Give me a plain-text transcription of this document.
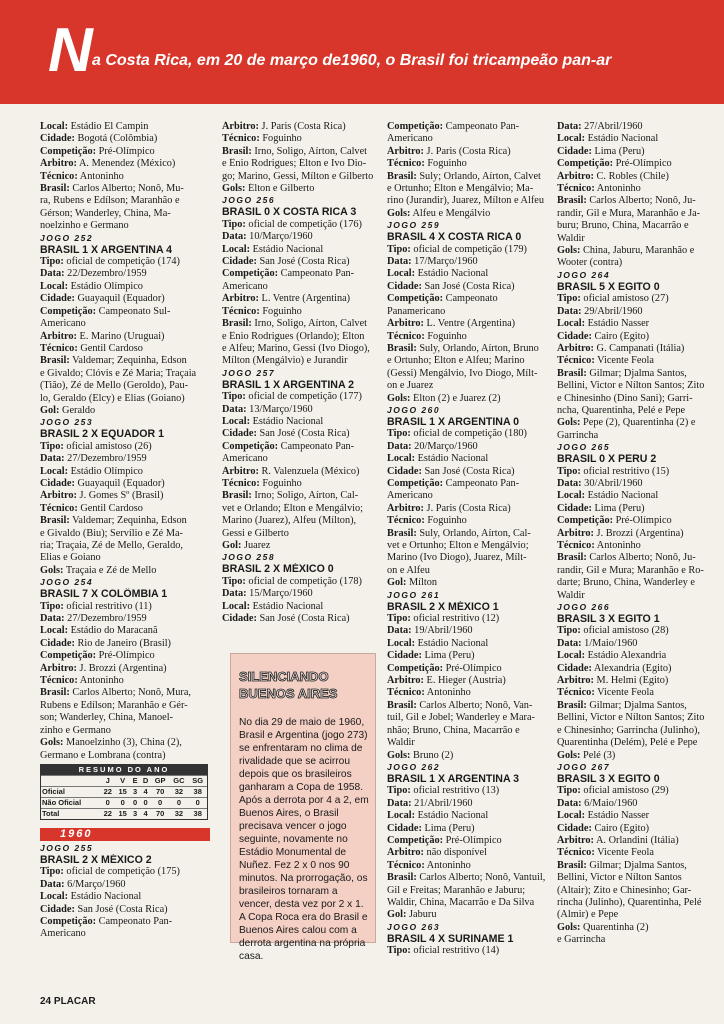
N a Costa Rica, em 20 de março de1960, o Brasil foi tricampeão pan-ar
Local: Estádio El Campin
Cidade: Bogotá (Colômbia)
Competição: Pré-Olímpico
Árbitro: A. Menendez (México)
Técnico: Antoninho
Brasil: Carlos Alberto; Nonô, Mu-
ra, Rubens e Edílson; Maranhão e
Gérson; Wanderley, China, Ma-
noelzinho e Germano
JOGO 252
BRASIL 1 X ARGENTINA 4
Tipo: oficial de competição (174)
Data: 22/Dezembro/1959
Local: Estádio Olímpico
Cidade: Guayaquil (Equador)
Competição: Campeonato Sul-
Americano
Árbitro: E. Marino (Uruguai)
Técnico: Gentil Cardoso
Brasil: Valdemar; Zequinha, Édson
e Givaldo; Clóvis e Zé Maria; Traçaia
(Tião), Zé de Mello (Geroldo), Pau-
lo, Geraldo (Elcy) e Elias (Goiano)
Gol: Geraldo
JOGO 253
BRASIL 2 X EQUADOR 1
Tipo: oficial amistoso (26)
Data: 27/Dezembro/1959
Local: Estádio Olímpico
Cidade: Guayaquil (Equador)
Árbitro: J. Gomes Sº (Brasil)
Técnico: Gentil Cardoso
Brasil: Valdemar; Zequinha, Édson
e Givaldo (Biu); Servílio e Zé Ma-
ria; Traçaia, Zé de Mello, Geraldo,
Elias e Goiano
Gols: Traçaia e Zé de Mello
JOGO 254
BRASIL 7 X COLÔMBIA 1
Tipo: oficial restritivo (11)
Data: 27/Dezembro/1959
Local: Estádio do Maracanã
Cidade: Rio de Janeiro (Brasil)
Competição: Pré-Olímpico
Árbitro: J. Brozzi (Argentina)
Técnico: Antoninho
Brasil: Carlos Alberto; Nonô, Mura,
Rubens e Edílson; Maranhão e Gér-
son; Wanderley, China, Manoel-
zinho e Germano
Gols: Manoelzinho (3), China (2),
Germano e Lombrana (contra)
RESUMO DO ANO
	J	V	E	D	GP	GC	SG
Oficial	22	15	3	4	70	32	38
Não Oficial	0	0	0	0	0	0	0
Total	22	15	3	4	70	32	38
1960
JOGO 255
BRASIL 2 X MÉXICO 2
Tipo: oficial de competição (175)
Data: 6/Março/1960
Local: Estádio Nacional
Cidade: San José (Costa Rica)
Competição: Campeonato Pan-
Americano
Árbitro: J. Paris (Costa Rica)
Técnico: Foguinho
Brasil: Irno, Soligo, Aírton, Calvet
e Ênio Rodrigues; Élton e Ivo Dio-
go; Marino, Gessi, Mílton e Gilberto
Gols: Élton e Gilberto
JOGO 256
BRASIL 0 X COSTA RICA 3
Tipo: oficial de competição (176)
Data: 10/Março/1960
Local: Estádio Nacional
Cidade: San José (Costa Rica)
Competição: Campeonato Pan-
Americano
Árbitro: L. Ventre (Argentina)
Técnico: Foguinho
Brasil: Irno, Soligo, Aírton, Calvet
e Ênio Rodrigues (Orlando); Élton
e Alfeu; Marino, Gessi (Ivo Diogo),
Mílton (Mengálvio) e Jurandir
JOGO 257
BRASIL 1 X ARGENTINA 2
Tipo: oficial de competição (177)
Data: 13/Março/1960
Local: Estádio Nacional
Cidade: San José (Costa Rica)
Competição: Campeonato Pan-
Americano
Árbitro: R. Valenzuela (México)
Técnico: Foguinho
Brasil: Irno; Soligo, Aírton, Cal-
vet e Orlando; Élton e Mengálvio;
Marino (Juarez), Alfeu (Mílton),
Gessi e Gilberto
Gol: Juarez
JOGO 258
BRASIL 2 X MÉXICO 0
Tipo: oficial de competição (178)
Data: 15/Março/1960
Local: Estádio Nacional
Cidade: San José (Costa Rica)
SILENCIANDO BUENOS AIRES
No dia 29 de maio de 1960, Brasil e Argentina (jogo 273) se enfrentaram no clima de rivalidade que se acirrou depois que os brasileiros ganharam a Copa de 1958. Após a derrota por 4 a 2, em Buenos Aires, o Brasil precisava vencer o jogo seguinte, novamente no Estádio Monumental de Nuñez. Fez 2 x 0 nos 90 minutos. Na prorrogação, os brasileiros tornaram a vencer, desta vez por 2 x 1. A Copa Roca era do Brasil e Buenos Aires calou com a derrota argentina na própria casa.
Competição: Campeonato Pan-
Americano
Árbitro: J. Paris (Costa Rica)
Técnico: Foguinho
Brasil: Suly; Orlando, Aírton, Calvet
e Ortunho; Élton e Mengálvio; Ma-
rino (Jurandir), Juarez, Mílton e Alfeu
Gols: Alfeu e Mengálvio
JOGO 259
BRASIL 4 X COSTA RICA 0
Tipo: oficial de competição (179)
Data: 17/Março/1960
Local: Estádio Nacional
Cidade: San José (Costa Rica)
Competição: Campeonato
Panamericano
Árbitro: L. Ventre (Argentina)
Técnico: Foguinho
Brasil: Suly, Orlando, Aírton, Bruno
e Ortunho; Élton e Alfeu; Marino
(Gessi) Mengálvio, Ivo Diogo, Mílt-
on e Juarez
Gols: Élton (2) e Juarez (2)
JOGO 260
BRASIL 1 X ARGENTINA 0
Tipo: oficial de competição (180)
Data: 20/Março/1960
Local: Estádio Nacional
Cidade: San José (Costa Rica)
Competição: Campeonato Pan-
Americano
Árbitro: J. Paris (Costa Rica)
Técnico: Foguinho
Brasil: Suly, Orlando, Aírton, Cal-
vet e Ortunho; Élton e Mengálvio;
Marino (Ivo Diogo), Juarez, Mílt-
on e Alfeu
Gol: Mílton
JOGO 261
BRASIL 2 X MÉXICO 1
Tipo: oficial restritivo (12)
Data: 19/Abril/1960
Local: Estádio Nacional
Cidade: Lima (Peru)
Competição: Pré-Olímpico
Árbitro: E. Hieger (Áustria)
Técnico: Antoninho
Brasil: Carlos Alberto; Nonô, Van-
tuil, Gil e Jobel; Wanderley e Mara-
nhão; Bruno, China, Macarrão e
Waldir
Gols: Bruno (2)
JOGO 262
BRASIL 1 X ARGENTINA 3
Tipo: oficial restritivo (13)
Data: 21/Abril/1960
Local: Estádio Nacional
Cidade: Lima (Peru)
Competição: Pré-Olímpico
Árbitro: não disponível
Técnico: Antoninho
Brasil: Carlos Alberto; Nonô, Vantuil,
Gil e Freitas; Maranhão e Jaburu;
Waldir, China, Macarrão e Da Silva
Gol: Jaburu
JOGO 263
BRASIL 4 X SURINAME 1
Tipo: oficial restritivo (14)
Data: 27/Abril/1960
Local: Estádio Nacional
Cidade: Lima (Peru)
Competição: Pré-Olímpico
Árbitro: C. Robles (Chile)
Técnico: Antoninho
Brasil: Carlos Alberto; Nonô, Ju-
randir, Gil e Mura, Maranhão e Ja-
buru; Bruno, China, Macarrão e
Waldir
Gols: China, Jaburu, Maranhão e
Wooter (contra)
JOGO 264
BRASIL 5 X EGITO 0
Tipo: oficial amistoso (27)
Data: 29/Abril/1960
Local: Estádio Nasser
Cidade: Cairo (Egito)
Árbitro: G. Campanati (Itália)
Técnico: Vicente Feola
Brasil: Gilmar; Djalma Santos,
Bellini, Victor e Nílton Santos; Zito
e Chinesinho (Dino Sani); Garri-
ncha, Quarentinha, Pelé e Pepe
Gols: Pepe (2), Quarentinha (2) e
Garrincha
JOGO 265
BRASIL 0 X PERU 2
Tipo: oficial restritivo (15)
Data: 30/Abril/1960
Local: Estádio Nacional
Cidade: Lima (Peru)
Competição: Pré-Olímpico
Árbitro: J. Brozzi (Argentina)
Técnico: Antoninho
Brasil: Carlos Alberto; Nonô, Ju-
randir, Gil e Mura; Maranhão e Ro-
darte; Bruno, China, Wanderley e
Waldir
JOGO 266
BRASIL 3 X EGITO 1
Tipo: oficial amistoso (28)
Data: 1/Maio/1960
Local: Estádio Alexandria
Cidade: Alexandria (Egito)
Árbitro: M. Helmi (Egito)
Técnico: Vicente Feola
Brasil: Gilmar; Djalma Santos,
Bellini, Victor e Nílton Santos; Zito
e Chinesinho; Garrincha (Julinho),
Quarentinha (Delém), Pelé e Pepe
Gols: Pelé (3)
JOGO 267
BRASIL 3 X EGITO 0
Tipo: oficial amistoso (29)
Data: 6/Maio/1960
Local: Estádio Nasser
Cidade: Cairo (Egito)
Árbitro: A. Orlandini (Itália)
Técnico: Vicente Feola
Brasil: Gilmar; Djalma Santos,
Bellini, Victor e Nílton Santos
(Altair); Zito e Chinesinho; Gar-
rincha (Julinho), Quarentinha, Pelé
(Almir) e Pepe
Gols: Quarentinha (2)
e Garrincha
24 PLACAR
